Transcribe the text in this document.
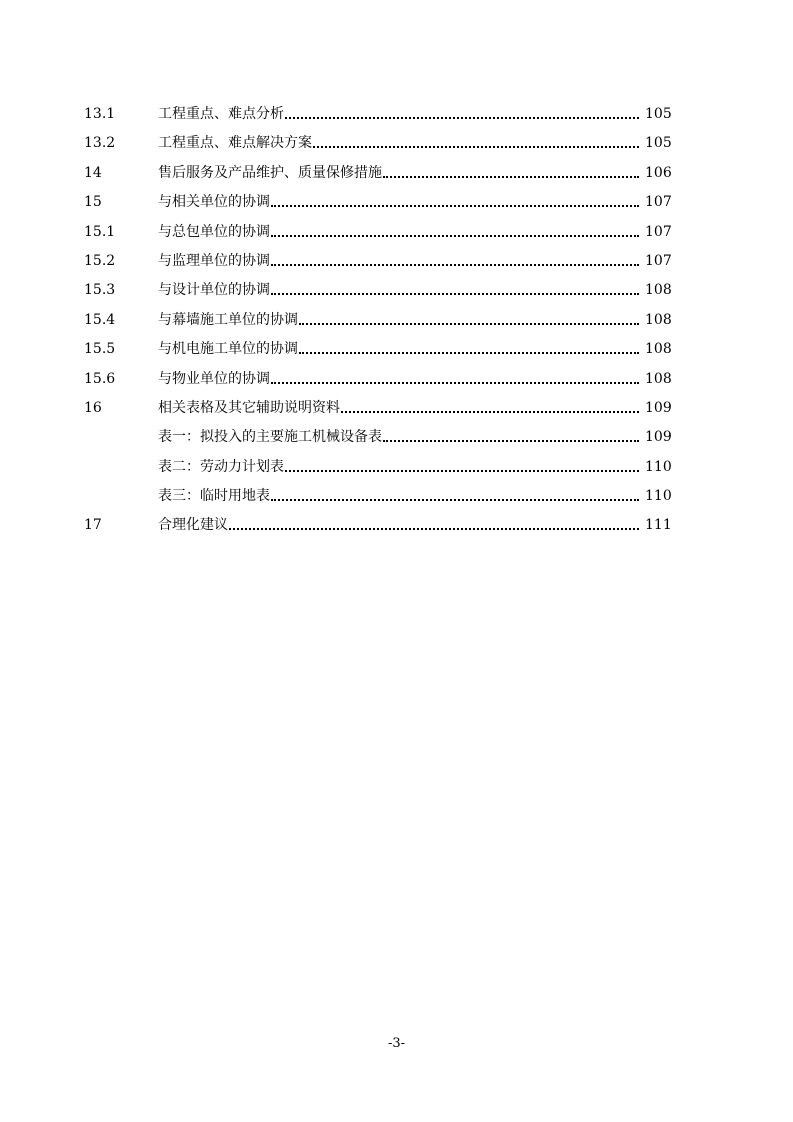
13.1	工程重点、难点分析	105
13.2	工程重点、难点解决方案	105
14	售后服务及产品维护、质量保修措施	106
15	与相关单位的协调	107
15.1	与总包单位的协调	107
15.2	与监理单位的协调	107
15.3	与设计单位的协调	108
15.4	与幕墙施工单位的协调	108
15.5	与机电施工单位的协调	108
15.6	与物业单位的协调	108
16	相关表格及其它辅助说明资料	109
表一：拟投入的主要施工机械设备表	109
表二：劳动力计划表	110
表三：临时用地表	110
17	合理化建议	111
-3-
